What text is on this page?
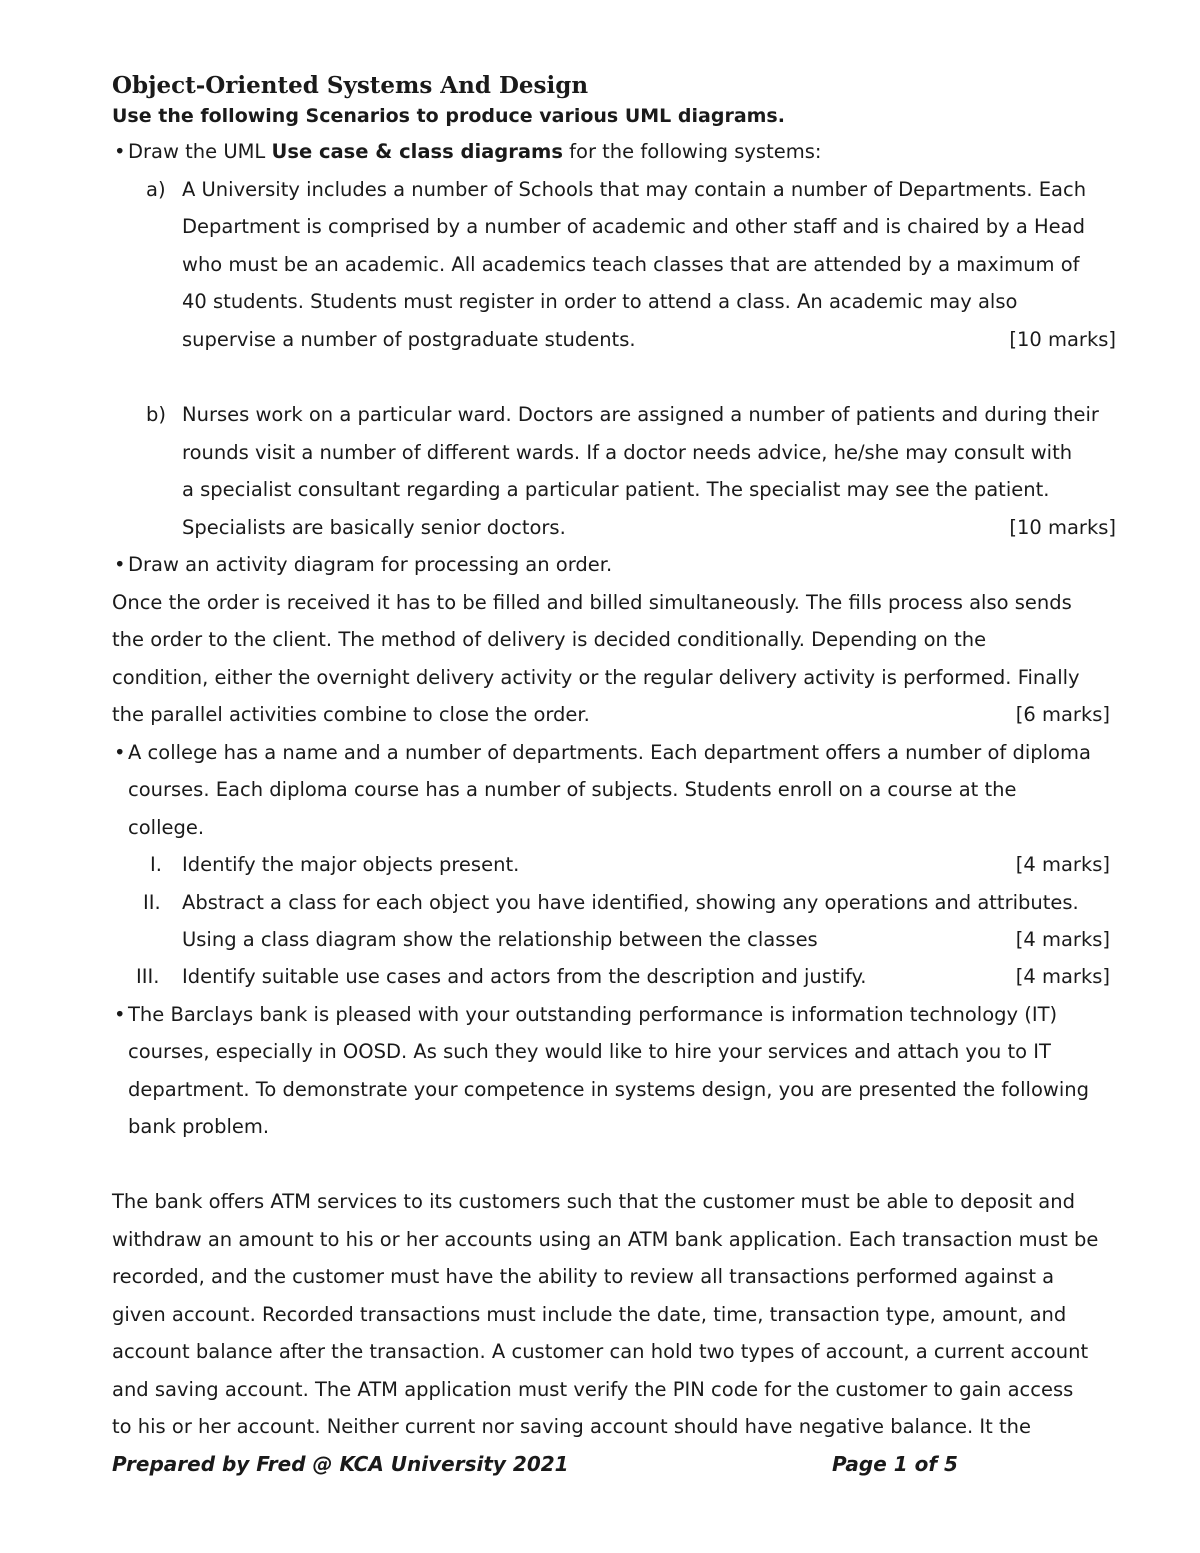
Object-Oriented Systems And Design
Use the following Scenarios to produce various UML diagrams.
• Draw the UML Use case & class diagrams for the following systems:
a) A University includes a number of Schools that may contain a number of Departments. Each
Department is comprised by a number of academic and other staff and is chaired by a Head
who must be an academic. All academics teach classes that are attended by a maximum of
40 students. Students must register in order to attend a class. An academic may also
supervise a number of postgraduate students.	[10 marks]
b) Nurses work on a particular ward. Doctors are assigned a number of patients and during their
rounds visit a number of different wards. If a doctor needs advice, he/she may consult with
a specialist consultant regarding a particular patient. The specialist may see the patient.
Specialists are basically senior doctors.	[10 marks]
• Draw an activity diagram for processing an order.
Once the order is received it has to be filled and billed simultaneously. The fills process also sends
the order to the client. The method of delivery is decided conditionally. Depending on the
condition, either the overnight delivery activity or the regular delivery activity is performed. Finally
the parallel activities combine to close the order.	[6 marks]
• A college has a name and a number of departments. Each department offers a number of diploma
courses. Each diploma course has a number of subjects. Students enroll on a course at the
college.
I. Identify the major objects present.	[4 marks]
II. Abstract a class for each object you have identified, showing any operations and attributes.
Using a class diagram show the relationship between the classes	[4 marks]
III. Identify suitable use cases and actors from the description and justify.	[4 marks]
• The Barclays bank is pleased with your outstanding performance is information technology (IT)
courses, especially in OOSD. As such they would like to hire your services and attach you to IT
department. To demonstrate your competence in systems design, you are presented the following
bank problem.
The bank offers ATM services to its customers such that the customer must be able to deposit and
withdraw an amount to his or her accounts using an ATM bank application. Each transaction must be
recorded, and the customer must have the ability to review all transactions performed against a
given account. Recorded transactions must include the date, time, transaction type, amount, and
account balance after the transaction. A customer can hold two types of account, a current account
and saving account. The ATM application must verify the PIN code for the customer to gain access
to his or her account. Neither current nor saving account should have negative balance. It the
Prepared by Fred @ KCA University 2021	Page 1 of 5
